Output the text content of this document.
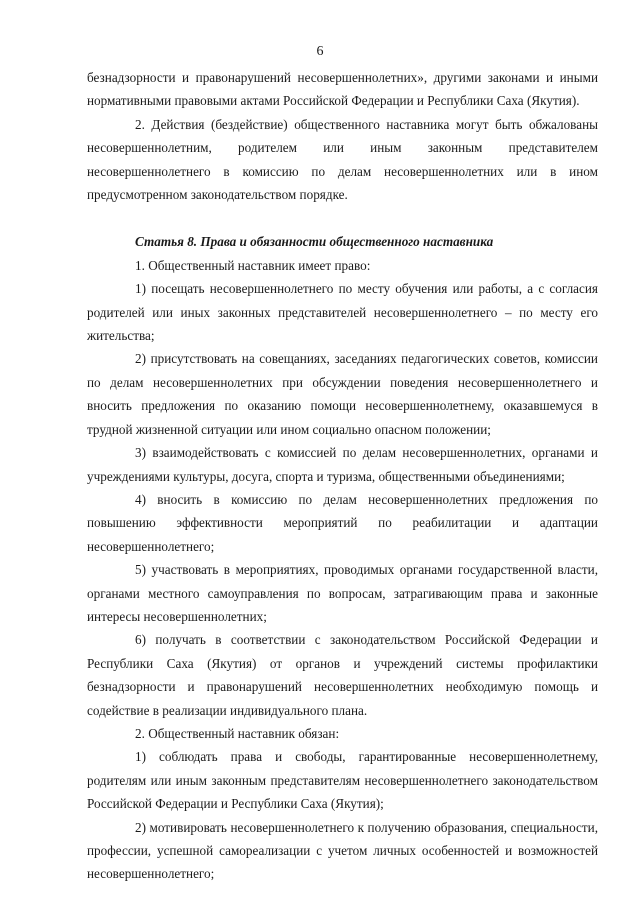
6

безнадзорности и правонарушений несовершеннолетних», другими законами и иными нормативными правовыми актами Российской Федерации и Республики Саха (Якутия).

2. Действия (бездействие) общественного наставника могут быть обжалованы несовершеннолетним, родителем или иным законным представителем несовершеннолетнего в комиссию по делам несовершеннолетних или в ином предусмотренном законодательством порядке.

Статья 8. Права и обязанности общественного наставника

1. Общественный наставник имеет право:

1) посещать несовершеннолетнего по месту обучения или работы, а с согласия родителей или иных законных представителей несовершеннолетнего – по месту его жительства;

2) присутствовать на совещаниях, заседаниях педагогических советов, комиссии по делам несовершеннолетних при обсуждении поведения несовершеннолетнего и вносить предложения по оказанию помощи несовершеннолетнему, оказавшемуся в трудной жизненной ситуации или ином социально опасном положении;

3) взаимодействовать с комиссией по делам несовершеннолетних, органами и учреждениями культуры, досуга, спорта и туризма, общественными объединениями;

4) вносить в комиссию по делам несовершеннолетних предложения по повышению эффективности мероприятий по реабилитации и адаптации несовершеннолетнего;

5) участвовать в мероприятиях, проводимых органами государственной власти, органами местного самоуправления по вопросам, затрагивающим права и законные интересы несовершеннолетних;

6) получать в соответствии с законодательством Российской Федерации и Республики Саха (Якутия) от органов и учреждений системы профилактики безнадзорности и правонарушений несовершеннолетних необходимую помощь и содействие в реализации индивидуального плана.

2. Общественный наставник обязан:

1) соблюдать права и свободы, гарантированные несовершеннолетнему, родителям или иным законным представителям несовершеннолетнего законодательством Российской Федерации и Республики Саха (Якутия);

2) мотивировать несовершеннолетнего к получению образования, специальности, профессии, успешной самореализации с учетом личных особенностей и возможностей несовершеннолетнего;
